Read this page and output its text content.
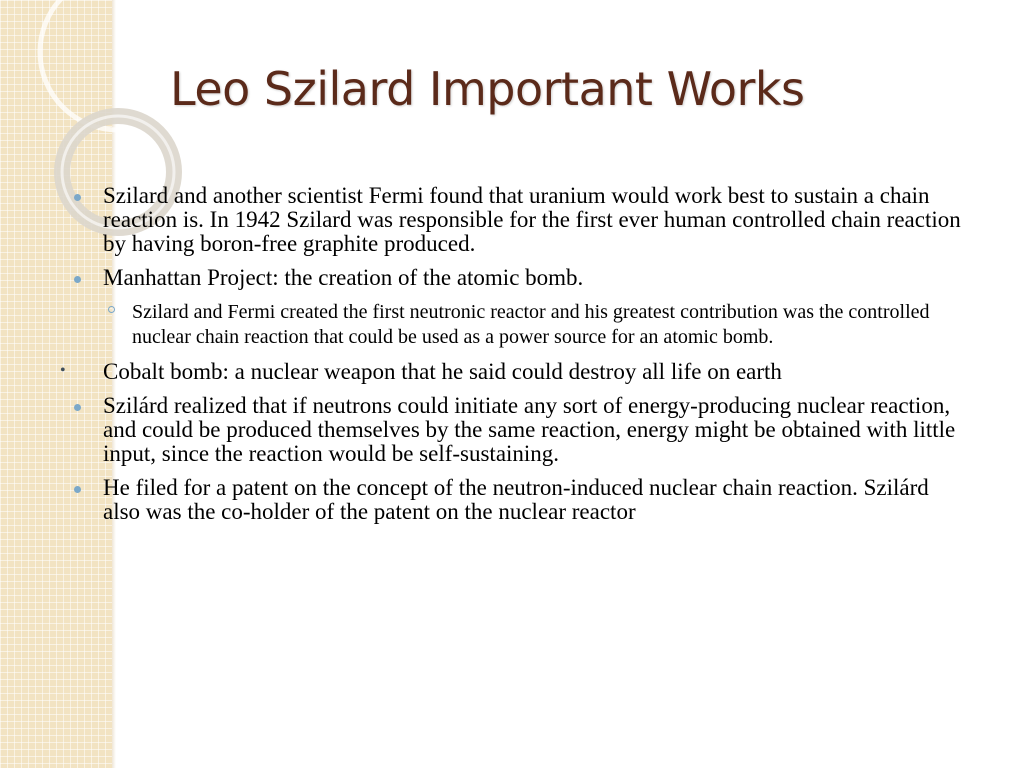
Leo Szilard Important Works
Szilard and another scientist Fermi found that uranium would work best to sustain a chain reaction is. In 1942 Szilard was responsible for the first ever human controlled chain reaction by having boron-free graphite produced.
Manhattan Project: the creation of the atomic bomb.
Szilard and Fermi created the first neutronic reactor and his greatest contribution was the controlled nuclear chain reaction that could be used as a power source for an atomic bomb.
• Cobalt bomb: a nuclear weapon that he said could destroy all life on earth
Szilárd realized that if neutrons could initiate any sort of energy-producing nuclear reaction, and could be produced themselves by the same reaction, energy might be obtained with little input, since the reaction would be self-sustaining.
He filed for a patent on the concept of the neutron-induced nuclear chain reaction. Szilárd also was the co-holder of the patent on the nuclear reactor
